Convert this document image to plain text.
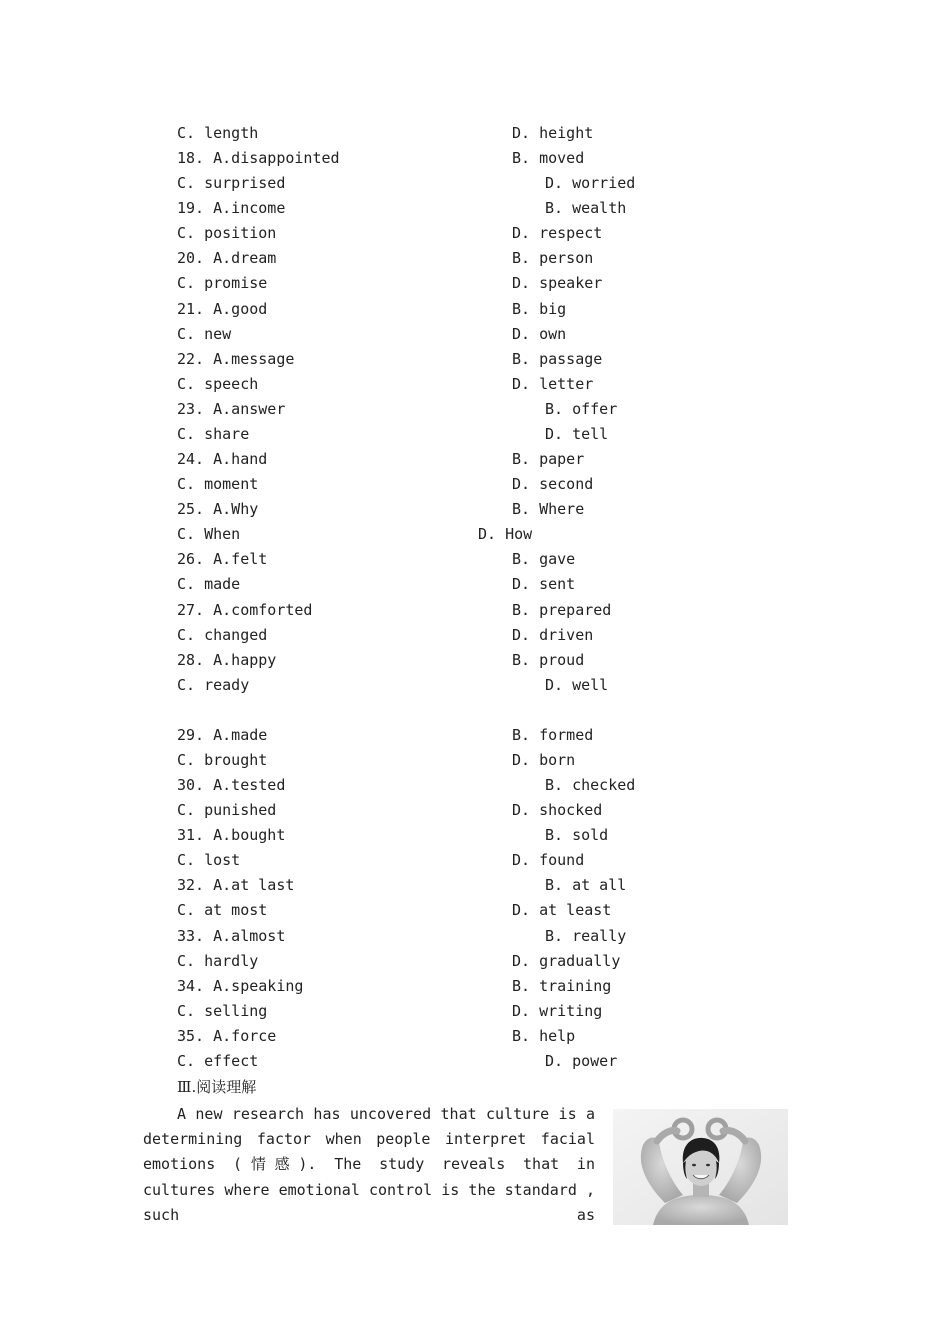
C. length	D. height
18. A.disappointed	B. moved
C. surprised	D. worried
19. A.income	B. wealth
C. position	D. respect
20. A.dream	B. person
C. promise	D. speaker
21. A.good	B. big
C. new	D. own
22. A.message	B. passage
C. speech	D. letter
23. A.answer	B. offer
C. share	D. tell
24. A.hand	B. paper
C. moment	D. second
25. A.Why	B. Where
C. When	D. How
26. A.felt	B. gave
C. made	D. sent
27. A.comforted	B. prepared
C. changed	D. driven
28. A.happy	B. proud
C. ready	D. well
29. A.made	B. formed
C. brought	D. born
30. A.tested	B. checked
C. punished	D. shocked
31. A.bought	B. sold
C. lost	D. found
32. A.at last	B. at all
C. at most	D. at least
33. A.almost	B. really
C. hardly	D. gradually
34. A.speaking	B. training
C. selling	D. writing
35. A.force	B. help
C. effect	D. power
Ⅲ.阅读理解
A new research has uncovered that culture is a determining factor when people interpret facial emotions (情感). The study reveals that in cultures where emotional control is the standard , such as
